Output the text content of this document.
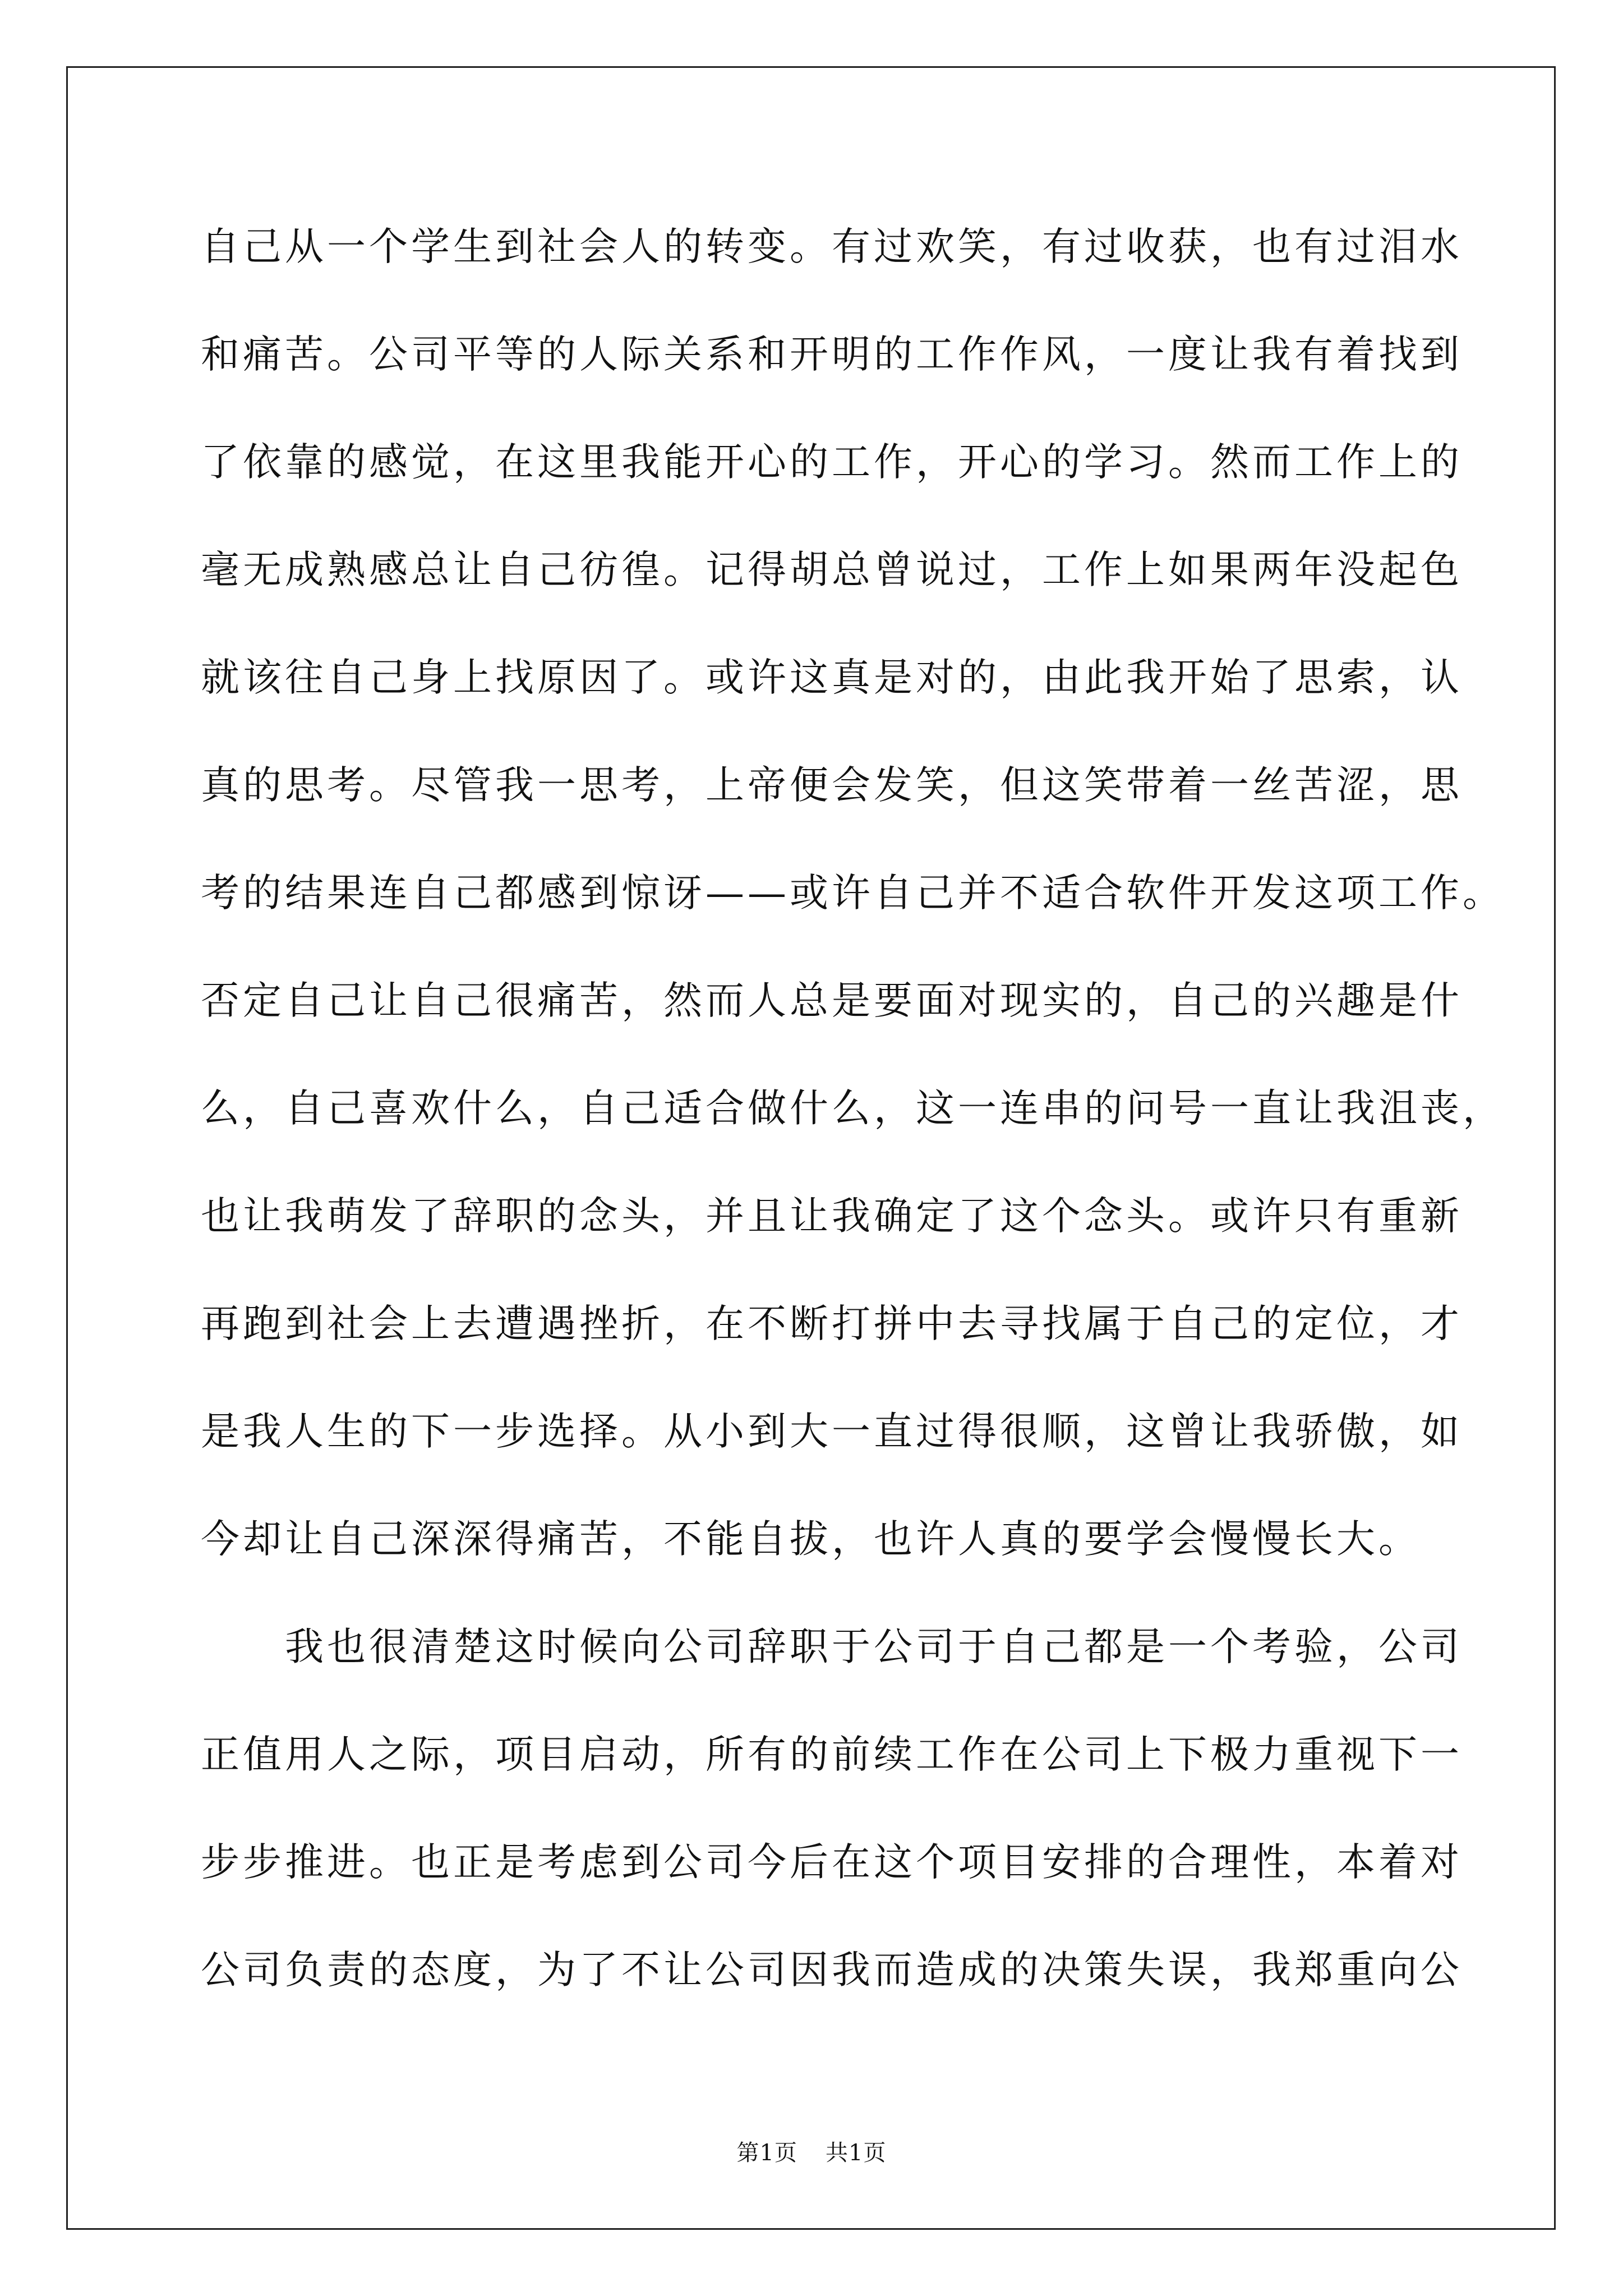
自己从一个学生到社会人的转变。有过欢笑，有过收获，也有过泪水
和痛苦。公司平等的人际关系和开明的工作作风，一度让我有着找到
了依靠的感觉，在这里我能开心的工作，开心的学习。然而工作上的
毫无成熟感总让自己彷徨。记得胡总曾说过，工作上如果两年没起色
就该往自己身上找原因了。或许这真是对的，由此我开始了思索，认
真的思考。尽管我一思考，上帝便会发笑，但这笑带着一丝苦涩，思
考的结果连自己都感到惊讶——或许自己并不适合软件开发这项工作。
否定自己让自己很痛苦，然而人总是要面对现实的，自己的兴趣是什
么，自己喜欢什么，自己适合做什么，这一连串的问号一直让我沮丧，
也让我萌发了辞职的念头，并且让我确定了这个念头。或许只有重新
再跑到社会上去遭遇挫折，在不断打拼中去寻找属于自己的定位，才
是我人生的下一步选择。从小到大一直过得很顺，这曾让我骄傲，如
今却让自己深深得痛苦，不能自拔，也许人真的要学会慢慢长大。
我也很清楚这时候向公司辞职于公司于自己都是一个考验，公司
正值用人之际，项目启动，所有的前续工作在公司上下极力重视下一
步步推进。也正是考虑到公司今后在这个项目安排的合理性，本着对
公司负责的态度，为了不让公司因我而造成的决策失误，我郑重向公
第1页 共1页
